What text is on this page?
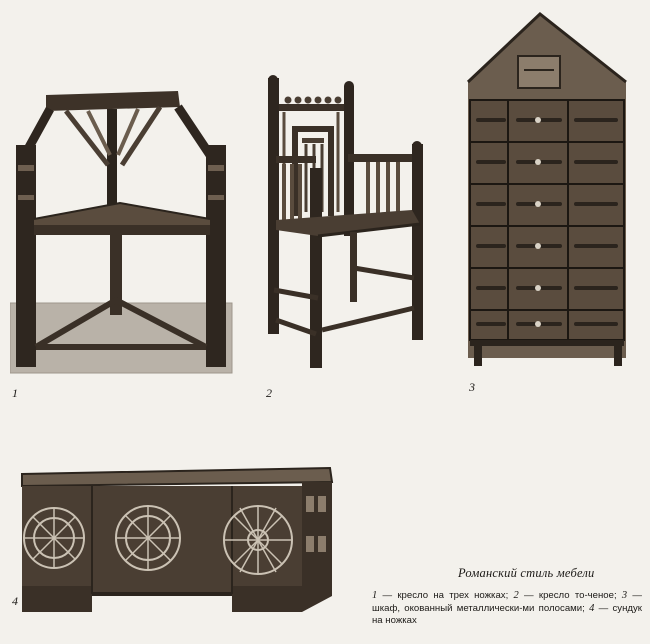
1	2	3
4
Романский стиль мебели
1 — кресло на трех ножках; 2 — кресло то-ченое; 3 — шкаф, окованный металлически-ми полосами; 4 — сундук на ножках
